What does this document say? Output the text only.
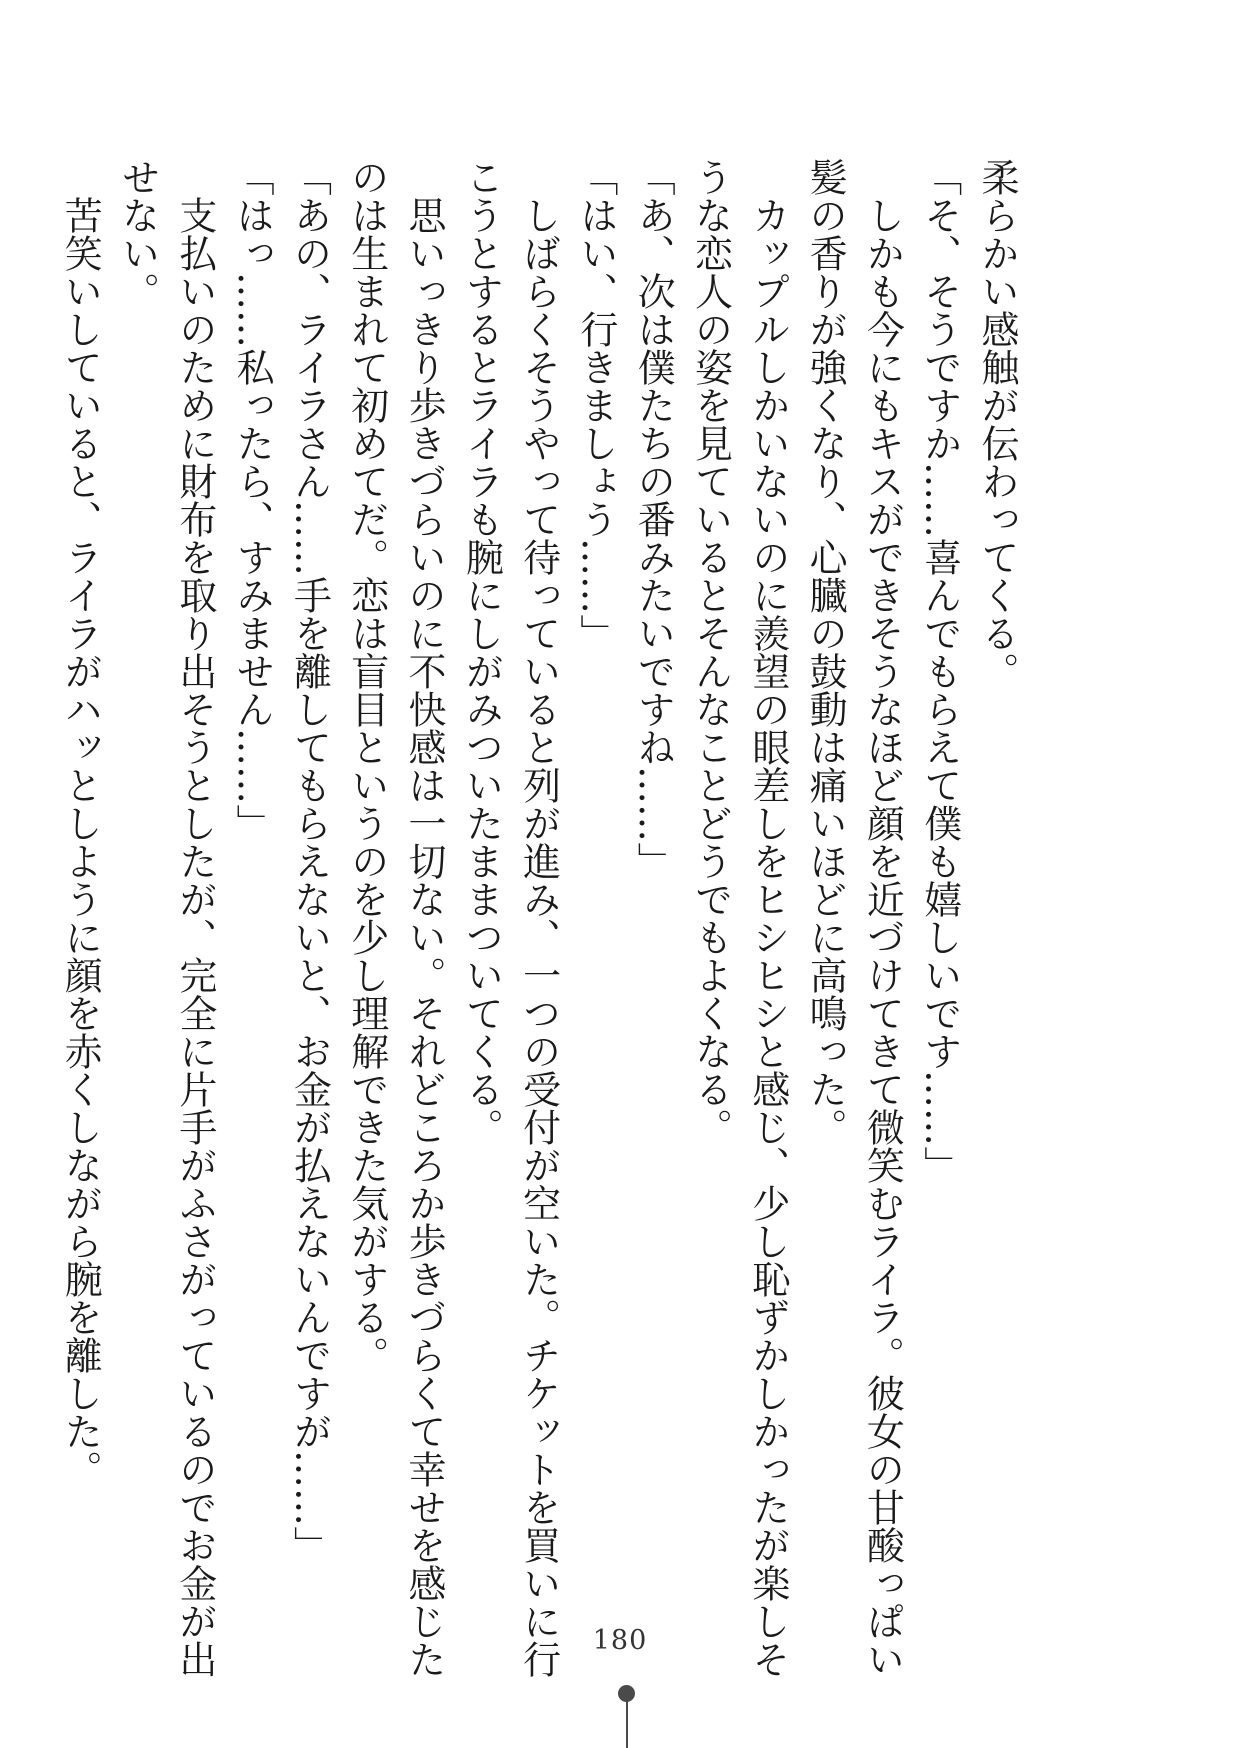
柔らかい感触が伝わってくる。
「そ、そうですか……喜んでもらえて僕も嬉しいです……」
　しかも今にもキスができそうなほど顔を近づけてきて微笑むライラ。彼女の甘酸っぱい
髪の香りが強くなり、心臓の鼓動は痛いほどに高鳴った。
　カップルしかいないのに羨望の眼差しをヒシヒシと感じ、少し恥ずかしかったが楽しそ
うな恋人の姿を見ているとそんなことどうでもよくなる。
「あ、次は僕たちの番みたいですね……」
「はい、行きましょう……」
　しばらくそうやって待っていると列が進み、一つの受付が空いた。チケットを買いに行
こうとするとライラも腕にしがみついたままついてくる。
　思いっきり歩きづらいのに不快感は一切ない。それどころか歩きづらくて幸せを感じた
のは生まれて初めてだ。恋は盲目というのを少し理解できた気がする。
「あの、ライラさん……手を離してもらえないと、お金が払えないんですが……」
「はっ……私ったら、すみません……」
　支払いのために財布を取り出そうとしたが、完全に片手がふさがっているのでお金が出
せない。
　苦笑いしていると、ライラがハッとしように顔を赤くしながら腕を離した。
180
